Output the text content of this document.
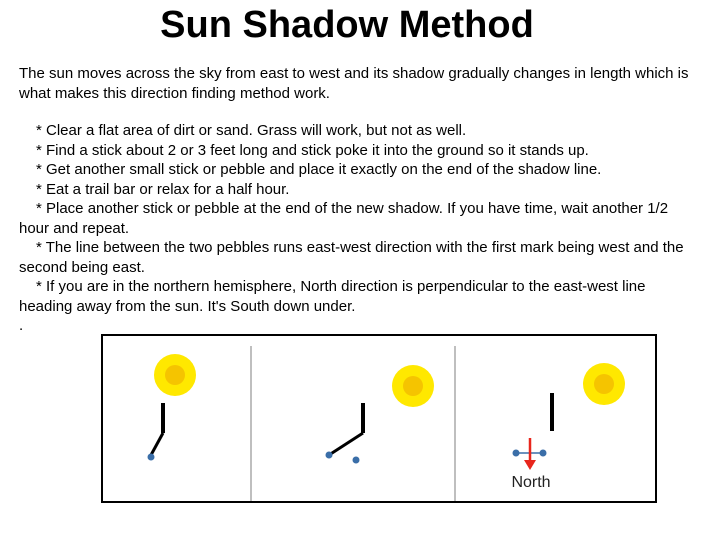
Sun Shadow Method

The sun moves across the sky from east to west and its shadow gradually changes in length which is what makes this direction finding method work.

* Clear a flat area of dirt or sand. Grass will work, but not as well.

* Find a stick about 2 or 3 feet long and stick poke it into the ground so it stands up.

* Get another small stick or pebble and place it exactly on the end of the shadow line.

* Eat a trail bar or relax for a half hour.

* Place another stick or pebble at the end of the new shadow. If you have time, wait another 1/2 hour and repeat.

* The line between the two pebbles runs east-west direction with the first mark being west and the second being east.

* If you are in the northern hemisphere, North direction is perpendicular to the east-west line heading away from the sun. It's South down under.

.

North
